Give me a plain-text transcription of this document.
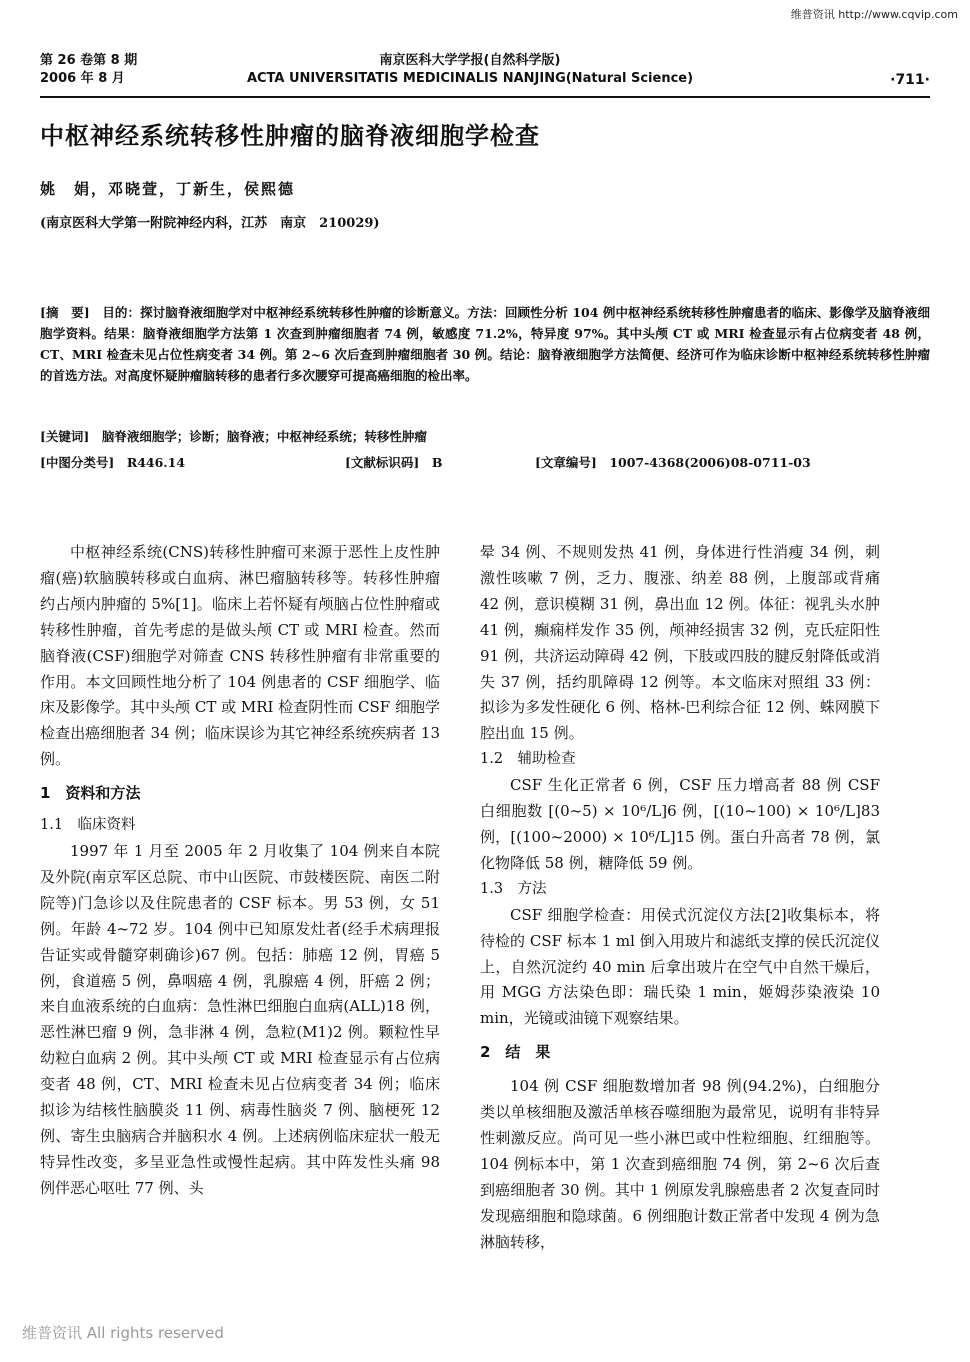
维普资讯 http://www.cqvip.com
第 26 卷第 8 期
2006 年 8 月
南京医科大学学报(自然科学版)
ACTA UNIVERSITATIS MEDICINALIS NANJING(Natural Science)	·711·
中枢神经系统转移性肿瘤的脑脊液细胞学检查
姚　娟，邓晓萱，丁新生，侯熙德
(南京医科大学第一附院神经内科，江苏　南京　210029)
[摘　要]　目的：探讨脑脊液细胞学对中枢神经系统转移性肿瘤的诊断意义。方法：回顾性分析 104 例中枢神经系统转移性肿瘤患者的临床、影像学及脑脊液细胞学资料。结果：脑脊液细胞学方法第 1 次查到肿瘤细胞者 74 例，敏感度 71.2%，特异度 97%。其中头颅 CT 或 MRI 检查显示有占位病变者 48 例，CT、MRI 检查未见占位性病变者 34 例。第 2~6 次后查到肿瘤细胞者 30 例。结论：脑脊液细胞学方法简便、经济可作为临床诊断中枢神经系统转移性肿瘤的首选方法。对高度怀疑肿瘤脑转移的患者行多次腰穿可提高癌细胞的检出率。
[关键词]　脑脊液细胞学；诊断；脑脊液；中枢神经系统；转移性肿瘤
[中图分类号]　R446.14	[文献标识码]　B	[文章编号]　1007-4368(2006)08-0711-03

中枢神经系统(CNS)转移性肿瘤可来源于恶性上皮性肿瘤(癌)软脑膜转移或白血病、淋巴瘤脑转移等。转移性肿瘤约占颅内肿瘤的 5%[1]。临床上若怀疑有颅脑占位性肿瘤或转移性肿瘤，首先考虑的是做头颅 CT 或 MRI 检查。然而脑脊液(CSF)细胞学对筛查 CNS 转移性肿瘤有非常重要的作用。本文回顾性地分析了 104 例患者的 CSF 细胞学、临床及影像学。其中头颅 CT 或 MRI 检查阴性而 CSF 细胞学检查出癌细胞者 34 例；临床误诊为其它神经系统疾病者 13 例。

1　资料和方法

1.1　临床资料

1997 年 1 月至 2005 年 2 月收集了 104 例来自本院及外院(南京军区总院、市中山医院、市鼓楼医院、南医二附院等)门急诊以及住院患者的 CSF 标本。男 53 例，女 51 例。年龄 4~72 岁。104 例中已知原发灶者(经手术病理报告证实或骨髓穿刺确诊)67 例。包括：肺癌 12 例，胃癌 5 例，食道癌 5 例，鼻咽癌 4 例，乳腺癌 4 例，肝癌 2 例；来自血液系统的白血病：急性淋巴细胞白血病(ALL)18 例，恶性淋巴瘤 9 例，急非淋 4 例，急粒(M1)2 例。颗粒性早幼粒白血病 2 例。其中头颅 CT 或 MRI 检查显示有占位病变者 48 例，CT、MRI 检查未见占位病变者 34 例；临床拟诊为结核性脑膜炎 11 例、病毒性脑炎 7 例、脑梗死 12 例、寄生虫脑病合并脑积水 4 例。上述病例临床症状一般无特异性改变，多呈亚急性或慢性起病。其中阵发性头痛 98 例伴恶心呕吐 77 例、头

晕 34 例、不规则发热 41 例，身体进行性消瘦 34 例，刺激性咳嗽 7 例，乏力、腹涨、纳差 88 例，上腹部或背痛 42 例，意识模糊 31 例，鼻出血 12 例。体征：视乳头水肿 41 例，癫痫样发作 35 例，颅神经损害 32 例，克氏症阳性 91 例，共济运动障碍 42 例，下肢或四肢的腱反射降低或消失 37 例，括约肌障碍 12 例等。本文临床对照组 33 例：拟诊为多发性硬化 6 例、格林-巴利综合征 12 例、蛛网膜下腔出血 15 例。

1.2　辅助检查

CSF 生化正常者 6 例，CSF 压力增高者 88 例 CSF 白细胞数 [(0~5) × 10⁶/L]6 例，[(10~100) × 10⁶/L]83 例，[(100~2000) × 10⁶/L]15 例。蛋白升高者 78 例，氯化物降低 58 例，糖降低 59 例。

1.3　方法

CSF 细胞学检查：用侯式沉淀仪方法[2]收集标本，将待检的 CSF 标本 1 ml 倒入用玻片和滤纸支撑的侯氏沉淀仪上，自然沉淀约 40 min 后拿出玻片在空气中自然干燥后，用 MGG 方法染色即：瑞氏染 1 min，姬姆莎染液染 10 min，光镜或油镜下观察结果。

2　结　果

104 例 CSF 细胞数增加者 98 例(94.2%)，白细胞分类以单核细胞及激活单核吞噬细胞为最常见，说明有非特异性刺激反应。尚可见一些小淋巴或中性粒细胞、红细胞等。104 例标本中，第 1 次查到癌细胞 74 例，第 2~6 次后查到癌细胞者 30 例。其中 1 例原发乳腺癌患者 2 次复查同时发现癌细胞和隐球菌。6 例细胞计数正常者中发现 4 例为急淋脑转移，

维普资讯 All rights reserved
